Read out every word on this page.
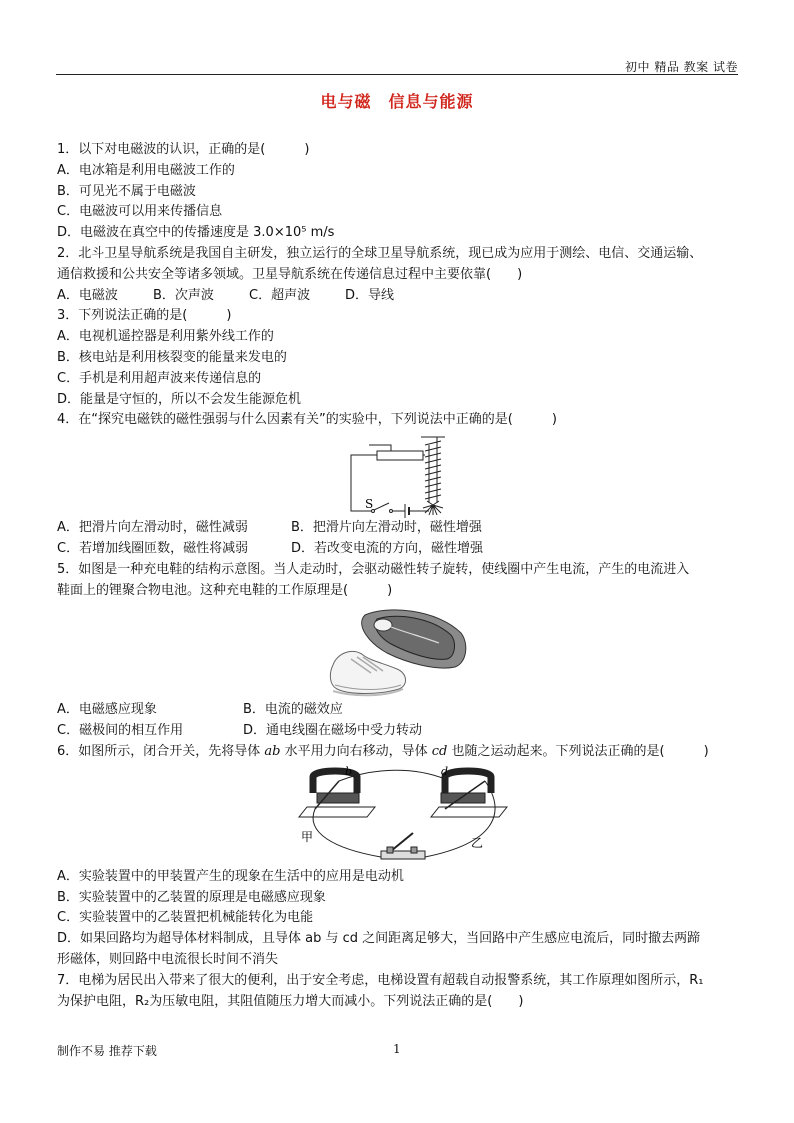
初中 精品 教案 试卷
电与磁　信息与能源
1．以下对电磁波的认识，正确的是(　　　)
A．电冰箱是利用电磁波工作的
B．可见光不属于电磁波
C．电磁波可以用来传播信息
D．电磁波在真空中的传播速度是 3.0×10⁵ m/s
2．北斗卫星导航系统是我国自主研发，独立运行的全球卫星导航系统，现已成为应用于测绘、电信、交通运输、
通信救援和公共安全等诸多领域。卫星导航系统在传递信息过程中主要依靠(　　)
A．电磁波	B．次声波	C．超声波	D．导线
3．下列说法正确的是(　　　)
A．电视机遥控器是利用紫外线工作的
B．核电站是利用核裂变的能量来发电的
C．手机是利用超声波来传递信息的
D．能量是守恒的，所以不会发生能源危机
4．在“探究电磁铁的磁性强弱与什么因素有关”的实验中，下列说法中正确的是(　　　)
S
A．把滑片向左滑动时，磁性减弱	B．把滑片向左滑动时，磁性增强
C．若增加线圈匝数，磁性将减弱	D．若改变电流的方向，磁性增强
5．如图是一种充电鞋的结构示意图。当人走动时，会驱动磁性转子旋转，使线圈中产生电流，产生的电流进入
鞋面上的锂聚合物电池。这种充电鞋的工作原理是(　　　)
A．电磁感应现象	B．电流的磁效应
C．磁极间的相互作用	D．通电线圈在磁场中受力转动
6．如图所示，闭合开关，先将导体 ab 水平用力向右移动，导体 cd 也随之运动起来。下列说法正确的是(　　　)
b	d
甲	乙
A．实验装置中的甲装置产生的现象在生活中的应用是电动机
B．实验装置中的乙装置的原理是电磁感应现象
C．实验装置中的乙装置把机械能转化为电能
D．如果回路均为超导体材料制成，且导体 ab 与 cd 之间距离足够大，当回路中产生感应电流后，同时撤去两蹄
形磁体，则回路中电流很长时间不消失
7．电梯为居民出入带来了很大的便利，出于安全考虑，电梯设置有超载自动报警系统，其工作原理如图所示，R₁
为保护电阻，R₂为压敏电阻，其阻值随压力增大而减小。下列说法正确的是(　　)
制作不易 推荐下载	1
